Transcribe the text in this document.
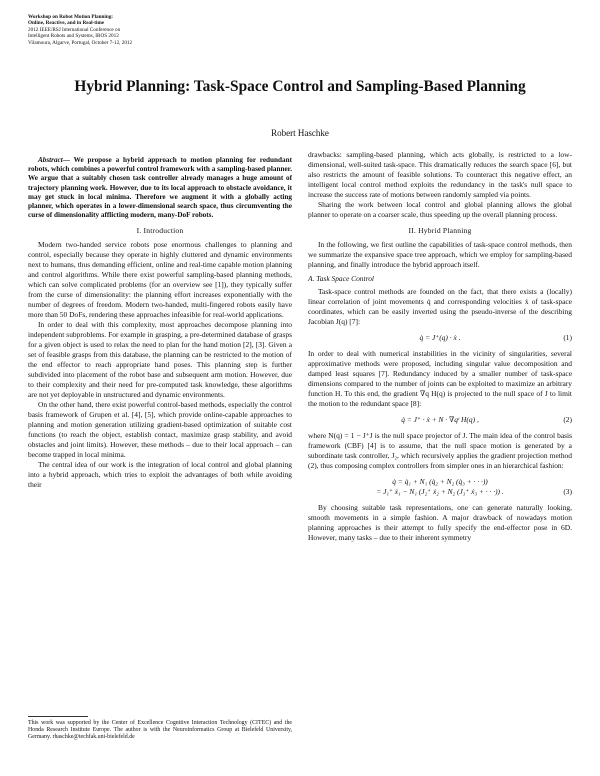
Workshop on Robot Motion Planning:
Online, Reactive, and in Real-time
2012 IEEE/RSJ International Conference on
Intelligent Robots and Systems, IROS 2012
Vilamoura, Algarve, Portugal, October 7-12, 2012
Hybrid Planning: Task-Space Control and Sampling-Based Planning
Robert Haschke

Abstract— We propose a hybrid approach to motion planning for redundant robots, which combines a powerful control framework with a sampling-based planner. We argue that a suitably chosen task controller already manages a huge amount of trajectory planning work. However, due to its local approach to obstacle avoidance, it may get stuck in local minima. Therefore we augment it with a globally acting planner, which operates in a lower-dimensional search space, thus circumventing the curse of dimensionality afflicting modern, many-DoF robots.

I. Introduction

Modern two-handed service robots pose enormous challenges to planning and control, especially because they operate in highly cluttered and dynamic environments next to humans, thus demanding efficient, online and real-time capable motion planning and control algorithms. While there exist powerful sampling-based planning methods, which can solve complicated problems (for an overview see [1]), they typically suffer from the curse of dimensionality: the planning effort increases exponentially with the number of degrees of freedom. Modern two-handed, multi-fingered robots easily have more than 50 DoFs, rendering these approaches infeasible for real-world applications.

In order to deal with this complexity, most approaches decompose planning into independent subproblems. For example in grasping, a pre-determined database of grasps for a given object is used to relax the need to plan for the hand motion [2], [3]. Given a set of feasible grasps from this database, the planning can be restricted to the motion of the end effector to reach appropriate hand poses. This planning step is further subdivided into placement of the robot base and subsequent arm motion. However, due to their complexity and their need for pre-computed task knowledge, these algorithms are not yet deployable in unstructured and dynamic environments.

On the other hand, there exist powerful control-based methods, especially the control basis framework of Grupen et al. [4], [5], which provide online-capable approaches to planning and motion generation utilizing gradient-based optimization of suitable cost functions (to reach the object, establish contact, maximize grasp stability, and avoid obstacles and joint limits). However, these methods – due to their local approach – can become trapped in local minima.

The central idea of our work is the integration of local control and global planning into a hybrid approach, which tries to exploit the advantages of both while avoiding their

This work was supported by the Center of Excellence Cognitive Interaction Technology (CITEC) and the Honda Research Institute Europe. The author is with the Neuroinformatics Group at Bielefeld University, Germany. rhaschke@techfak.uni-bielefeld.de

drawbacks: sampling-based planning, which acts globally, is restricted to a low-dimensional, well-suited task-space. This dramatically reduces the search space [6], but also restricts the amount of feasible solutions. To counteract this negative effect, an intelligent local control method exploits the redundancy in the task's null space to increase the success rate of motions between randomly sampled via points.

Sharing the work between local control and global planning allows the global planner to operate on a coarser scale, thus speeding up the overall planning process.

II. Hybrid Planning

In the following, we first outline the capabilities of task-space control methods, then we summarize the expansive space tree approach, which we employ for sampling-based planning, and finally introduce the hybrid approach itself.

A. Task Space Control

Task-space control methods are founded on the fact, that there exists a (locally) linear correlation of joint movements q̇ and corresponding velocities ẋ of task-space coordinates, which can be easily inverted using the pseudo-inverse of the describing Jacobian J(q) [7]:

q̇ = J⁺(q) · ẋ .	(1)

In order to deal with numerical instabilities in the vicinity of singularities, several approximative methods were proposed, including singular value decomposition and damped least squares [7]. Redundancy induced by a smaller number of task-space dimensions compared to the number of joints can be exploited to maximize an arbitrary function H. To this end, the gradient ∇q H(q) is projected to the null space of J to limit the motion to the redundant space [8]:

q̇ = J⁺ · ẋ + N · ∇qᵗ H(q) ,	(2)

where N(q) = 1 − J⁺J is the null space projector of J. The main idea of the control basis framework (CBF) [4] is to assume, that the null space motion is generated by a subordinate task controller, J₂, which recursively applies the gradient projection method (2), thus composing complex controllers from simpler ones in an hierarchical fashion:

q̇ = q̇₁ + N₁ (q̇₂ + N₂ (q̇₃ + · · ·))
= J₁⁺ ẋ₁ − N₁ (J₂⁺ ẋ₂ + N₂ (J₃⁺ ẋ₃ + · · ·)) .	(3)

By choosing suitable task representations, one can generate naturally looking, smooth movements in a simple fashion. A major drawback of nowadays motion planning approaches is their attempt to fully specify the end-effector pose in 6D. However, many tasks – due to their inherent symmetry
